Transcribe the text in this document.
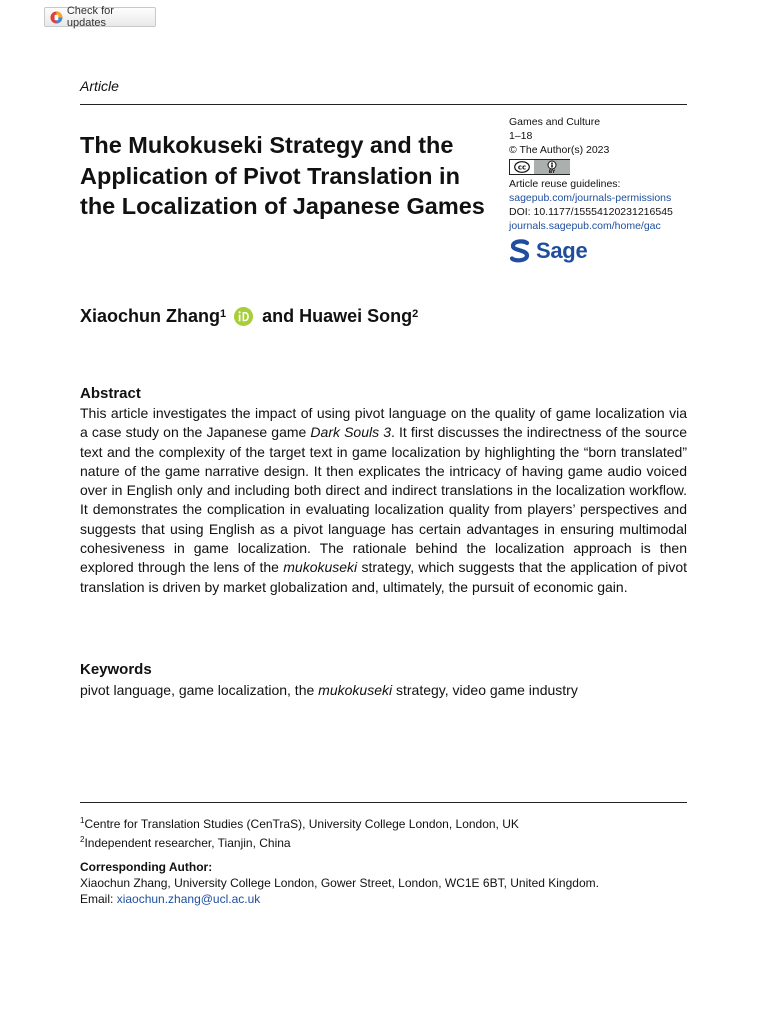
Check for updates
Article
The Mukokuseki Strategy and the Application of Pivot Translation in the Localization of Japanese Games
Games and Culture
1–18
© The Author(s) 2023
cc
BY
Article reuse guidelines:
sagepub.com/journals-permissions
DOI: 10.1177/15554120231216545
journals.sagepub.com/home/gac
Sage
Xiaochun Zhang$^1$ and Huawei Song$^2$
Abstract

This article investigates the impact of using pivot language on the quality of game localization via a case study on the Japanese game Dark Souls 3. It first discusses the indirectness of the source text and the complexity of the target text in game localization by highlighting the “born translated” nature of the game narrative design. It then explicates the intricacy of having game audio voiced over in English only and including both direct and indirect translations in the localization workflow. It demonstrates the complication in evaluating localization quality from players’ perspectives and suggests that using English as a pivot language has certain advantages in ensuring multimodal cohesiveness in game localization. The rationale behind the localization approach is then explored through the lens of the mukokuseki strategy, which suggests that the application of pivot translation is driven by market globalization and, ultimately, the pursuit of economic gain.

Keywords

pivot language, game localization, the mukokuseki strategy, video game industry

$^1$Centre for Translation Studies (CenTraS), University College London, London, UK
$^2$Independent researcher, Tianjin, China
Corresponding Author:
Xiaochun Zhang, University College London, Gower Street, London, WC1E 6BT, United Kingdom.
Email: xiaochun.zhang@ucl.ac.uk
